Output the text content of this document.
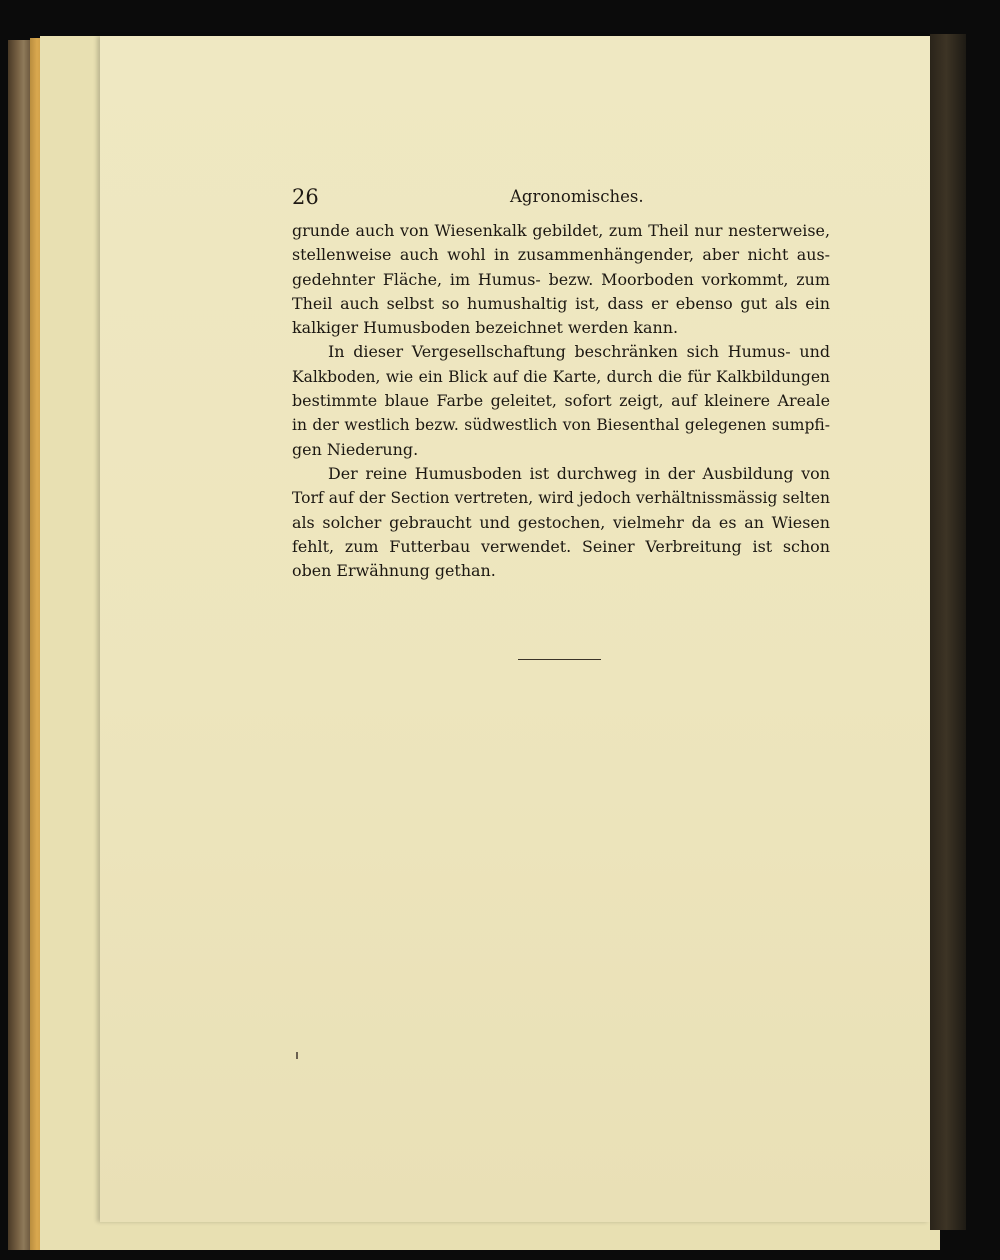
26	Agronomisches.

grunde auch von Wiesenkalk gebildet, zum Theil nur nesterweise,
stellenweise auch wohl in zusammenhängender, aber nicht aus-
gedehnter Fläche, im Humus- bezw. Moorboden vorkommt, zum
Theil auch selbst so humushaltig ist, dass er ebenso gut als ein
kalkiger Humusboden bezeichnet werden kann.

In dieser Vergesellschaftung beschränken sich Humus- und
Kalkboden, wie ein Blick auf die Karte, durch die für Kalkbildungen
bestimmte blaue Farbe geleitet, sofort zeigt, auf kleinere Areale
in der westlich bezw. südwestlich von Biesenthal gelegenen sumpfi-
gen Niederung.

Der reine Humusboden ist durchweg in der Ausbildung von
Torf auf der Section vertreten, wird jedoch verhältnissmässig selten
als solcher gebraucht und gestochen, vielmehr da es an Wiesen
fehlt, zum Futterbau verwendet. Seiner Verbreitung ist schon
oben Erwähnung gethan.
